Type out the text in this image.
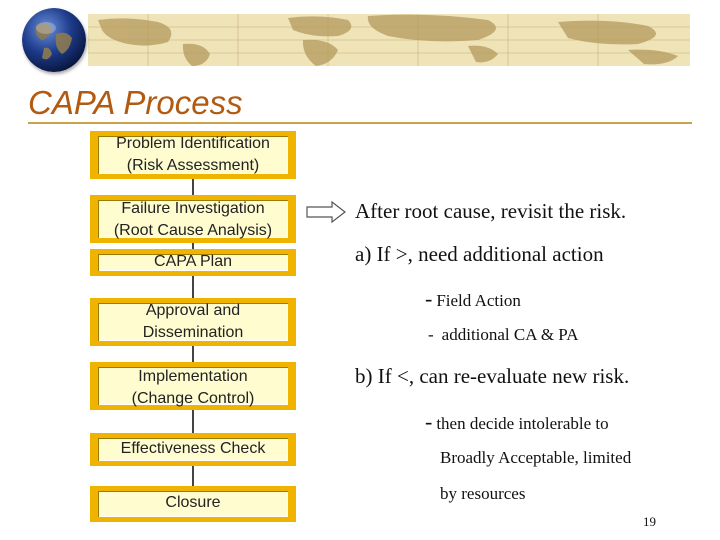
CAPA Process
Problem Identification
(Risk Assessment)
Failure Investigation
(Root Cause Analysis)
CAPA Plan
Approval and
Dissemination
Implementation
(Change Control)
Effectiveness Check
Closure
After root cause, revisit the risk.
a) If >, need additional action
- Field Action
- additional CA & PA
b) If <, can re-evaluate new risk.
- then decide intolerable to
Broadly Acceptable, limited
by resources
19
